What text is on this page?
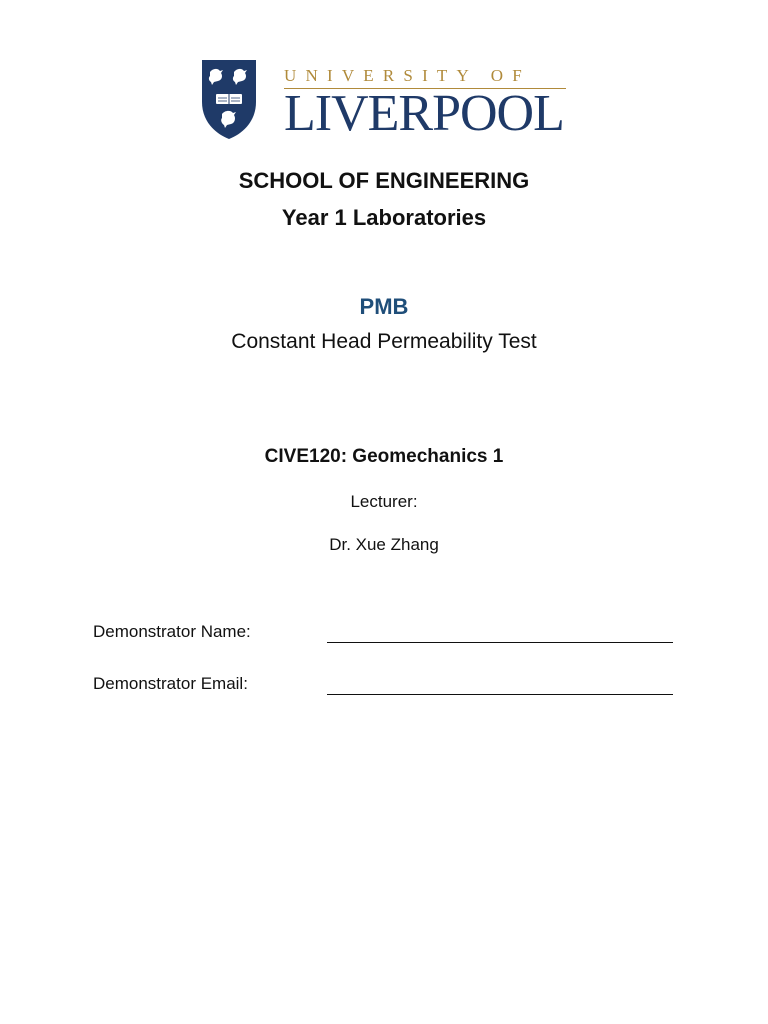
UNIVERSITY OF
LIVERPOOL
SCHOOL OF ENGINEERING
Year 1 Laboratories
PMB
Constant Head Permeability Test
CIVE120: Geomechanics 1
Lecturer:
Dr. Xue Zhang
Demonstrator Name:
Demonstrator Email:
